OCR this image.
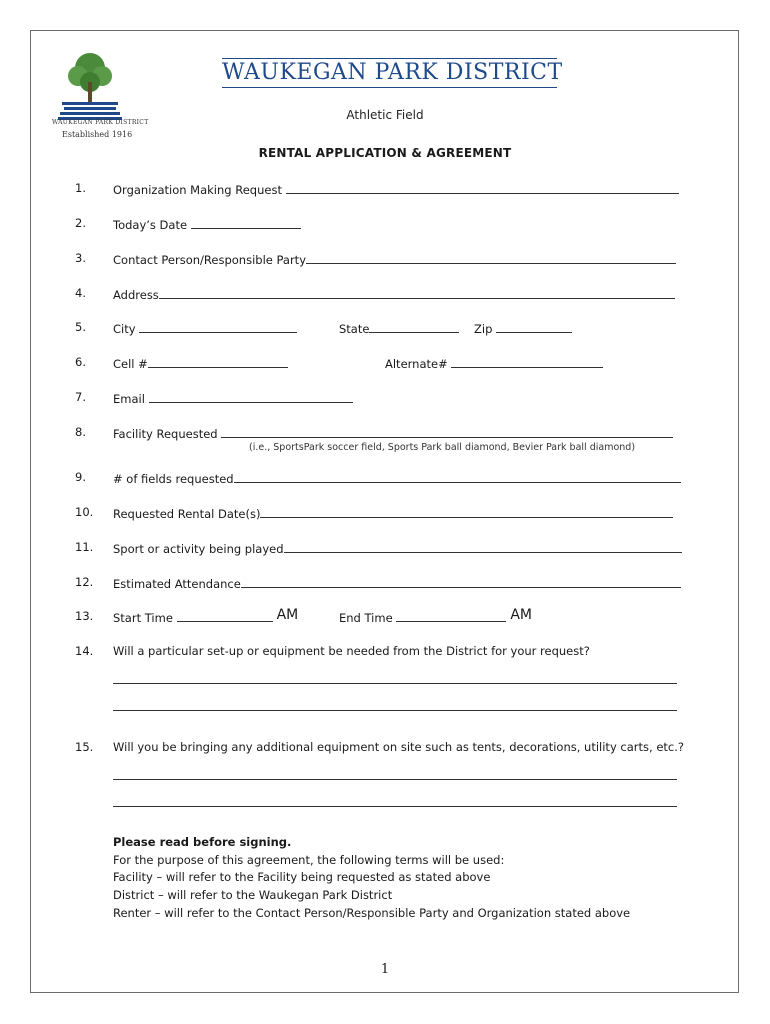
WAUKEGAN PARK DISTRICT
Established 1916
WAUKEGAN PARK DISTRICT
Athletic Field
RENTAL APPLICATION & AGREEMENT
1. Organization Making Request
2. Today’s Date
3. Contact Person/Responsible Party
4. Address
5. City	State	Zip
6. Cell #	Alternate#
7. Email
8. Facility Requested
(i.e., SportsPark soccer field, Sports Park ball diamond, Bevier Park ball diamond)
9. # of fields requested
10. Requested Rental Date(s)
11. Sport or activity being played
12. Estimated Attendance
13. Start Time	AM	End Time	AM
14. Will a particular set-up or equipment be needed from the District for your request?
15. Will you be bringing any additional equipment on site such as tents, decorations, utility carts, etc.?
Please read before signing.
For the purpose of this agreement, the following terms will be used:
Facility – will refer to the Facility being requested as stated above
District – will refer to the Waukegan Park District
Renter – will refer to the Contact Person/Responsible Party and Organization stated above
1
